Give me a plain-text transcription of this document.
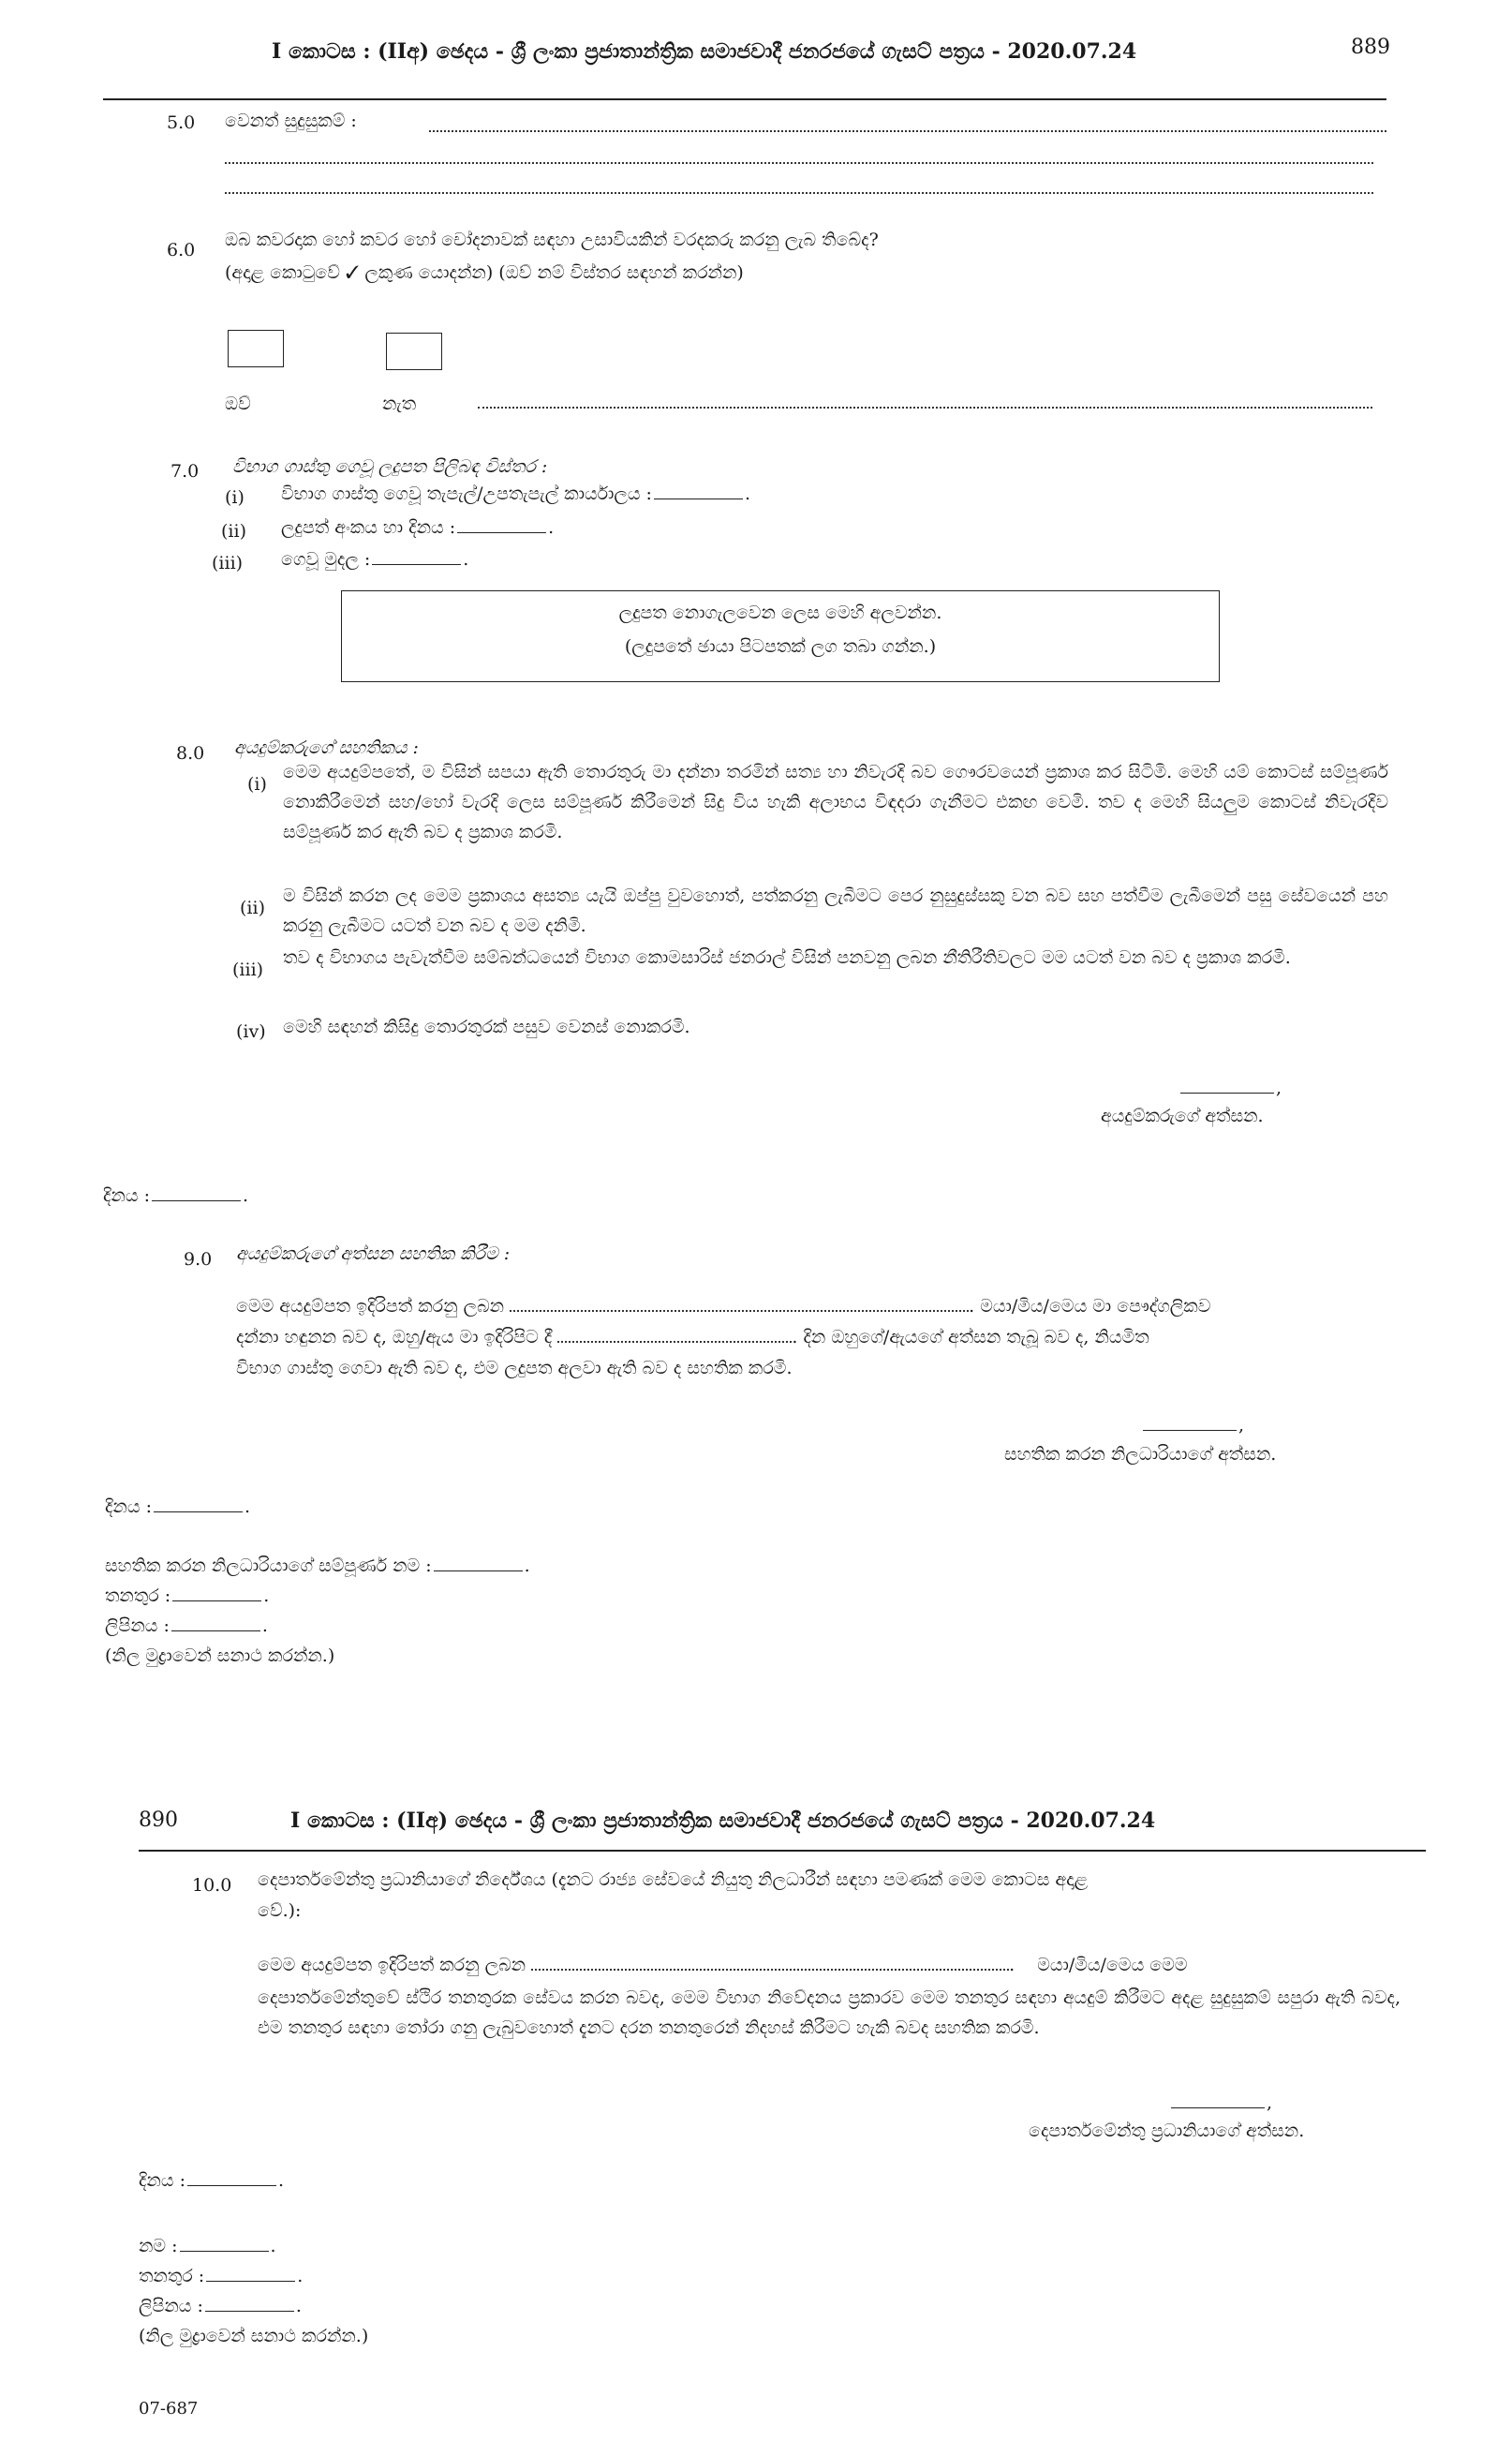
I කොටස : (IIඅ) ඡෙදය - ශ්‍රී ලංකා ප්‍රජාතාන්ත්‍රික සමාජවාදී ජනරජයේ ගැසට් පත්‍රය - 2020.07.24	889
5.0 වෙනත් සුදුසුකම් :
6.0 ඔබ කවරදාක හෝ කවර හෝ චෝදනාවක් සඳහා උසාවියකින් වරදකරු කරනු ලැබ තිබේද?
(අදාළ කොටුවේ ✓ ලකුණ යොදන්න) (ඔව් නම් විස්තර සඳහන් කරන්න)
ඔව්	නැත
7.0 විභාග ගාස්තු ගෙවූ ලදුපත පිලිබඳ විස්තර :
(i) විභාග ගාස්තු ගෙවූ තැපැල්/උපතැපැල් කාර්යාලය :	.
(ii) ලදුපත් අංකය හා දිනය :	.
(iii) ගෙවූ මුදල :	.
ලදුපත නොගැලවෙන ලෙස මෙහි අලවන්න.
(ලදුපතේ ඡායා පිටපතක් ලග තබා ගන්න.)
8.0 අයදුම්කරුගේ සහතිකය :
(i)
මෙම අයදුම්පතේ, ම විසින් සපයා ඇති තොරතුරු මා දන්නා තරමින් සත්‍ය හා නිවැරදි බව ගෞරවයෙන් ප්‍රකාශ කර සිටිමි. මෙහි යම් කොටස් සම්පූර්ණ නොකිරීමෙන් සහ/හෝ වැරදි ලෙස සම්පූර්ණ කිරීමෙන් සිදු විය හැකි අලාභය විඳදරා ගැනීමට එකඟ වෙමි. තව ද මෙහි සියලුම කොටස් නිවැරදිව සම්පූර්ණ කර ඇති බව ද ප්‍රකාශ කරමි.
(ii)
ම විසින් කරන ලද මෙම ප්‍රකාශය අසත්‍ය යැයි ඔප්පු වුවහොත්, පත්කරනු ලැබීමට පෙර නුසුදුස්සකු වන බව සහ පත්වීම ලැබීමෙන් පසු සේවයෙන් පහ කරනු ලැබීමට යටත් වන බව ද මම දනිමි.
(iii)
තව ද විභාගය පැවැත්වීම සම්බන්ධයෙන් විභාග කොමසාරිස් ජනරාල් විසින් පනවනු ලබන නීතිරීතිවලට මම යටත් වන බව ද ප්‍රකාශ කරමි.
(iv) මෙහි සඳහන් කිසිදු තොරතුරක් පසුව වෙනස් නොකරමි.
,
අයදුම්කරුගේ අත්සන.
දිනය :	.
9.0 අයදුම්කරුගේ අත්සන සහතික කිරීම :
මෙම අයදුම්පත ඉදිරිපත් කරනු ලබන	. මයා/මිය/මෙය මා පෞද්ගලිකව
දන්නා හඳුනන බව ද, ඔහු/ඇය මා ඉදිරිපිට දී	. දින ඔහුගේ/ඇයගේ අත්සන තැබූ බව ද, නියමිත
විභාග ගාස්තු ගෙවා ඇති බව ද, එම ලදුපත අලවා ඇති බව ද සහතික කරමි.
,
සහතික කරන නිලධාරියාගේ අත්සන.
දිනය :	.
සහතික කරන නිලධාරියාගේ සම්පූර්ණ නම :	.
තනතුර :	.
ලිපිනය :	.
(නිල මුද්‍රාවෙන් සනාථ කරන්න.)
890	I කොටස : (IIඅ) ඡෙදය - ශ්‍රී ලංකා ප්‍රජාතාන්ත්‍රික සමාජවාදී ජනරජයේ ගැසට් පත්‍රය - 2020.07.24
10.0 දෙපාර්තමේන්තු ප්‍රධානියාගේ නිර්දේශය (දැනට රාජ්‍ය සේවයේ නියුතු නිලධාරීන් සඳහා පමණක් මෙම කොටස අදාළ
වේ.):
මෙම අයදුම්පත ඉදිරිපත් කරනු ලබන	. මයා/මිය/මෙය මෙම
දෙපාර්තමේන්තුවේ ස්ථිර තනතුරක සේවය කරන බවද, මෙම විභාග නිවේදනය ප්‍රකාරව මෙම තනතුර සඳහා අයදුම් කිරීමට අදළ සුදුසුකම් සපුරා ඇති බවද, එම තනතුර සඳහා තෝරා ගනු ලැබුවහොත් දැනට දරන තනතුරෙන් නිදහස් කිරීමට හැකි බවද සහතික කරමි.
,
දෙපාර්තමේන්තු ප්‍රධානියාගේ අත්සන.
දිනය :	.
නම :	.
තනතුර :	.
ලිපිනය :	.
(නිල මුද්‍රාවෙන් සනාථ කරන්න.)
07-687
